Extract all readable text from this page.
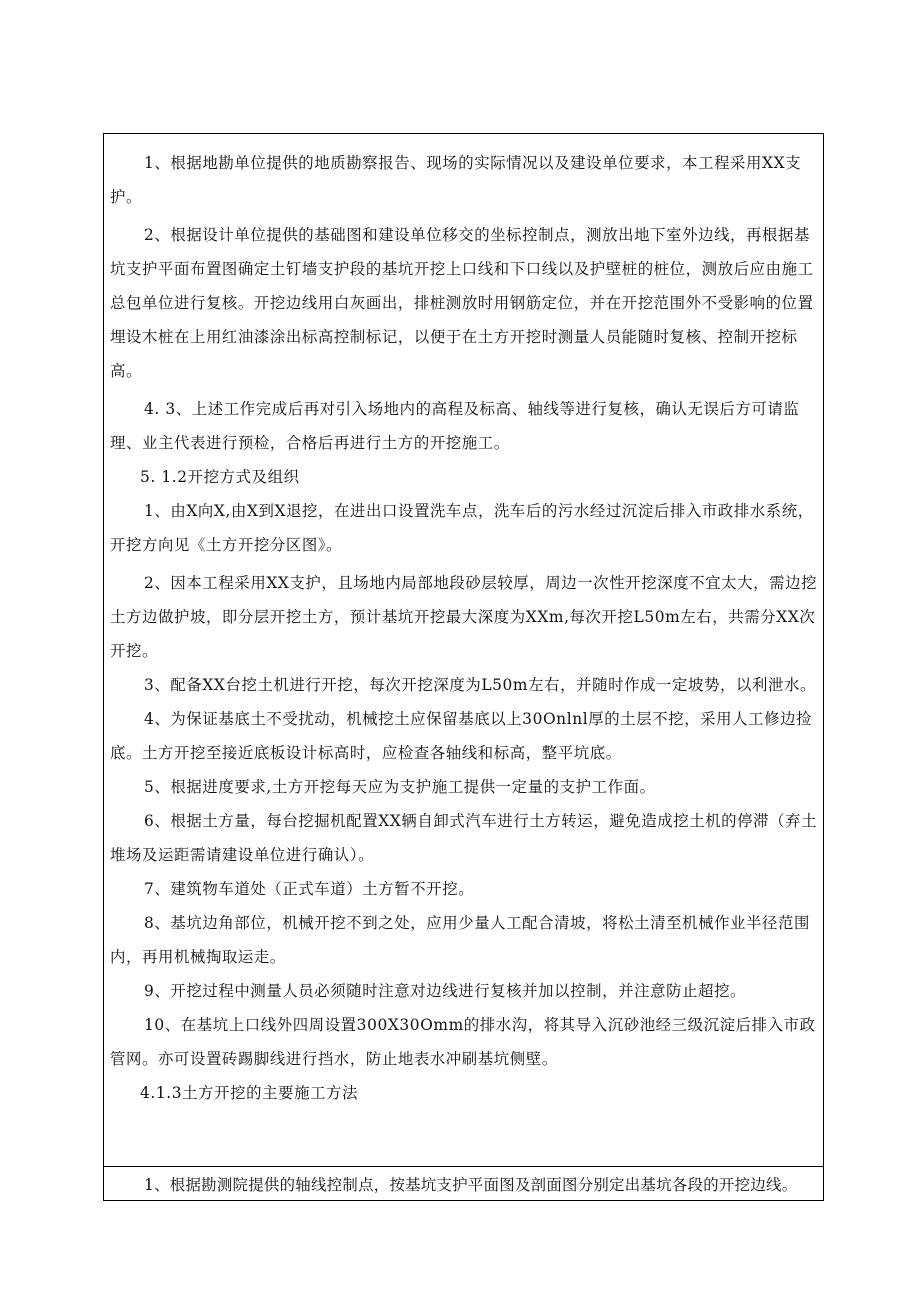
1、根据地勘单位提供的地质勘察报告、现场的实际情况以及建设单位要求，本工程采用XX支护。

2、根据设计单位提供的基础图和建设单位移交的坐标控制点，测放出地下室外边线，再根据基坑支护平面布置图确定土钉墙支护段的基坑开挖上口线和下口线以及护壁桩的桩位，测放后应由施工总包单位进行复核。开挖边线用白灰画出，排桩测放时用钢筋定位，并在开挖范围外不受影响的位置埋设木桩在上用红油漆涂出标高控制标记，以便于在土方开挖时测量人员能随时复核、控制开挖标高。

4. 3、上述工作完成后再对引入场地内的高程及标高、轴线等进行复核，确认无误后方可请监理、业主代表进行预检，合格后再进行土方的开挖施工。

5. 1.2开挖方式及组织

1、由X向X,由X到X退挖，在进出口设置洗车点，洗车后的污水经过沉淀后排入市政排水系统，开挖方向见《土方开挖分区图》。

2、因本工程采用XX支护，且场地内局部地段砂层较厚，周边一次性开挖深度不宜太大，需边挖土方边做护坡，即分层开挖土方，预计基坑开挖最大深度为XXm,每次开挖L50m左右，共需分XX次开挖。

3、配备XX台挖土机进行开挖，每次开挖深度为L50m左右，并随时作成一定坡势，以利泄水。

4、为保证基底土不受扰动，机械挖土应保留基底以上30Onlnl厚的土层不挖，采用人工修边捡底。土方开挖至接近底板设计标高时，应检查各轴线和标高，整平坑底。

5、根据进度要求,土方开挖每天应为支护施工提供一定量的支护工作面。

6、根据土方量，每台挖掘机配置XX辆自卸式汽车进行土方转运，避免造成挖土机的停滞（弃土堆场及运距需请建设单位进行确认）。

7、建筑物车道处（正式车道）土方暂不开挖。

8、基坑边角部位，机械开挖不到之处，应用少量人工配合清坡，将松土清至机械作业半径范围内，再用机械掏取运走。

9、开挖过程中测量人员必须随时注意对边线进行复核并加以控制，并注意防止超挖。

10、在基坑上口线外四周设置300X30Omm的排水沟，将其导入沉砂池经三级沉淀后排入市政管网。亦可设置砖踢脚线进行挡水，防止地表水冲刷基坑侧壁。

4.1.3土方开挖的主要施工方法

1、根据勘测院提供的轴线控制点，按基坑支护平面图及剖面图分别定出基坑各段的开挖边线。
